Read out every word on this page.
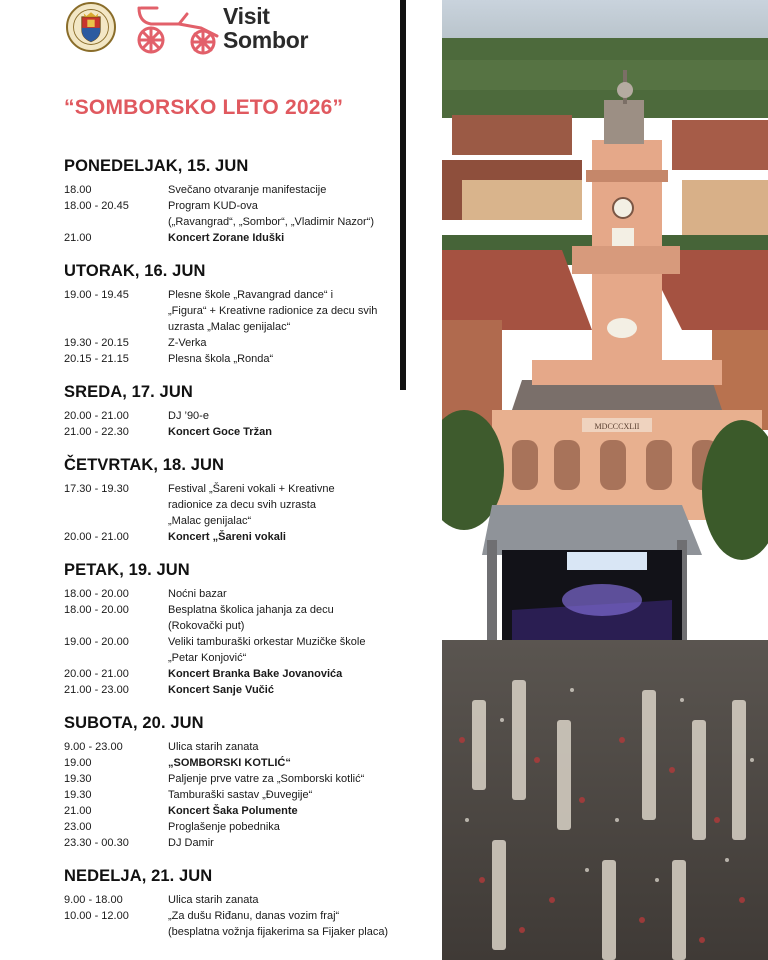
Visit
Sombor
“SOMBORSKO LETO 2026”
PONEDELJAK, 15. JUN
18.00	Svečano otvaranje manifestacije
18.00 - 20.45	Program KUD-ova
(„Ravangrad“, „Sombor“, „Vladimir Nazor“)
21.00	Koncert Zorane Iduški
UTORAK, 16. JUN
19.00 - 19.45	Plesne škole „Ravangrad dance“ i
„Figura“ + Kreativne radionice za decu svih
uzrasta „Malac genijalac“
19.30 - 20.15	Z-Verka
20.15 - 21.15	Plesna škola „Ronda“
SREDA, 17. JUN
20.00 - 21.00	DJ ’90-e
21.00 - 22.30	Koncert Goce Tržan
ČETVRTAK, 18. JUN
17.30 - 19.30	Festival „Šareni vokali + Kreativne
radionice za decu svih uzrasta
„Malac genijalac“
20.00 - 21.00	Koncert „Šareni vokali
PETAK, 19. JUN
18.00 - 20.00	Noćni bazar
18.00 - 20.00	Besplatna školica jahanja za decu
(Rokovački put)
19.00 - 20.00	Veliki tamburaški orkestar Muzičke škole
„Petar Konjović“
20.00 - 21.00	Koncert Branka Bake Jovanovića
21.00 - 23.00	Koncert Sanje Vučić
SUBOTA, 20. JUN
9.00 - 23.00	Ulica starih zanata
19.00	„SOMBORSKI KOTLIĆ“
19.30	Paljenje prve vatre za „Somborski kotlić“
19.30	Tamburaški sastav „Đuvegije“
21.00	Koncert Šaka Polumente
23.00	Proglašenje pobednika
23.30 - 00.30	DJ Damir
NEDELJA, 21. JUN
9.00 - 18.00	Ulica starih zanata
10.00 - 12.00	„Za dušu Riđanu, danas vozim fraj“
(besplatna vožnja fijakerima sa Fijaker placa)
MDCCCXLII
